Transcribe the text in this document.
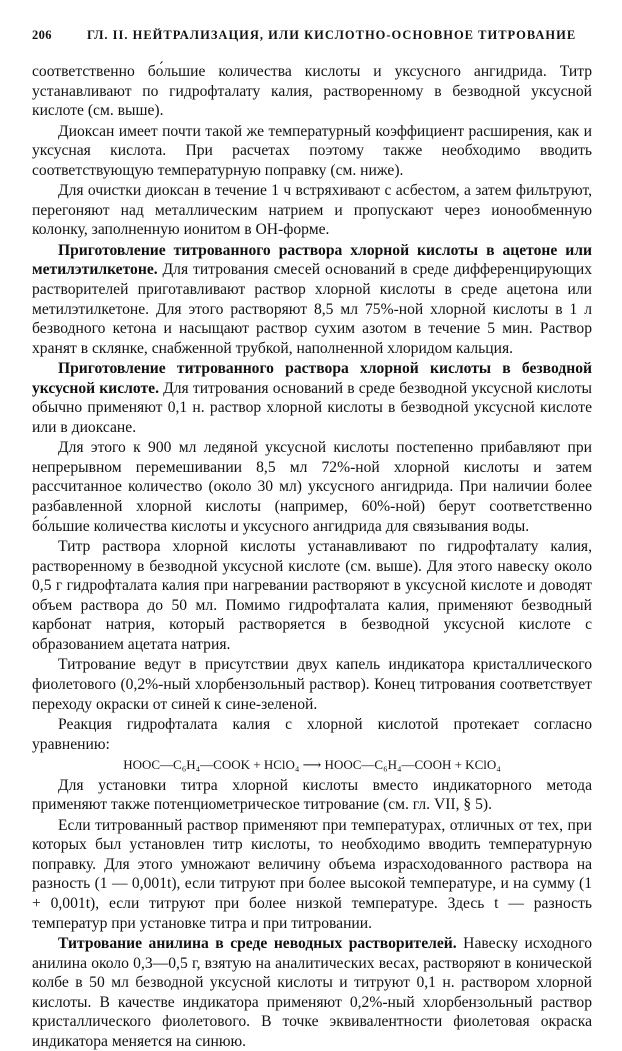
206	ГЛ. II. НЕЙТРАЛИЗАЦИЯ, ИЛИ КИСЛОТНО-ОСНОВНОЕ ТИТРОВАНИЕ

соответственно бо́льшие количества кислоты и уксусного ангидрида. Титр устанавливают по гидрофталату калия, растворенному в безводной уксусной кислоте (см. выше).

Диоксан имеет почти такой же температурный коэффициент расширения, как и уксусная кислота. При расчетах поэтому также необходимо вводить соответствующую температурную поправку (см. ниже).

Для очистки диоксан в течение 1 ч встряхивают с асбестом, а затем фильтруют, перегоняют над металлическим натрием и пропускают через ионообменную колонку, заполненную ионитом в ОН-форме.

Приготовление титрованного раствора хлорной кислоты в ацетоне или метилэтилкетоне. Для титрования смесей оснований в среде дифференцирующих растворителей приготавливают раствор хлорной кислоты в среде ацетона или метилэтилкетоне. Для этого растворяют 8,5 мл 75%-ной хлорной кислоты в 1 л безводного кетона и насыщают раствор сухим азотом в течение 5 мин. Раствор хранят в склянке, снабженной трубкой, наполненной хлоридом кальция.

Приготовление титрованного раствора хлорной кислоты в безводной уксусной кислоте. Для титрования оснований в среде безводной уксусной кислоты обычно применяют 0,1 н. раствор хлорной кислоты в безводной уксусной кислоте или в диоксане.

Для этого к 900 мл ледяной уксусной кислоты постепенно прибавляют при непрерывном перемешивании 8,5 мл 72%-ной хлорной кислоты и затем рассчитанное количество (около 30 мл) уксусного ангидрида. При наличии более разбавленной хлорной кислоты (например, 60%-ной) берут соответственно бо́льшие количества кислоты и уксусного ангидрида для связывания воды.

Титр раствора хлорной кислоты устанавливают по гидрофталату калия, растворенному в безводной уксусной кислоте (см. выше). Для этого навеску около 0,5 г гидрофталата калия при нагревании растворяют в уксусной кислоте и доводят объем раствора до 50 мл. Помимо гидрофталата калия, применяют безводный карбонат натрия, который растворяется в безводной уксусной кислоте с образованием ацетата натрия.

Титрование ведут в присутствии двух капель индикатора кристаллического фиолетового (0,2%-ный хлорбензольный раствор). Конец титрования соответствует переходу окраски от синей к сине-зеленой.

Реакция гидрофталата калия с хлорной кислотой протекает согласно уравнению:

HOOC—C₆H₄—COOK + HClO₄ ⟶ HOOC—C₆H₄—COOH + KClO₄

Для установки титра хлорной кислоты вместо индикаторного метода применяют также потенциометрическое титрование (см. гл. VII, § 5).

Если титрованный раствор применяют при температурах, отличных от тех, при которых был установлен титр кислоты, то необходимо вводить температурную поправку. Для этого умножают величину объема израсходованного раствора на разность (1 — 0,001t), если титруют при более высокой температуре, и на сумму (1 + 0,001t), если титруют при более низкой температуре. Здесь t — разность температур при установке титра и при титровании.

Титрование анилина в среде неводных растворителей. Навеску исходного анилина около 0,3—0,5 г, взятую на аналитических весах, растворяют в конической колбе в 50 мл безводной уксусной кислоты и титруют 0,1 н. раствором хлорной кислоты. В качестве индикатора применяют 0,2%-ный хлорбензольный раствор кристаллического фиолетового. В точке эквивалентности фиолетовая окраска индикатора меняется на синюю.
